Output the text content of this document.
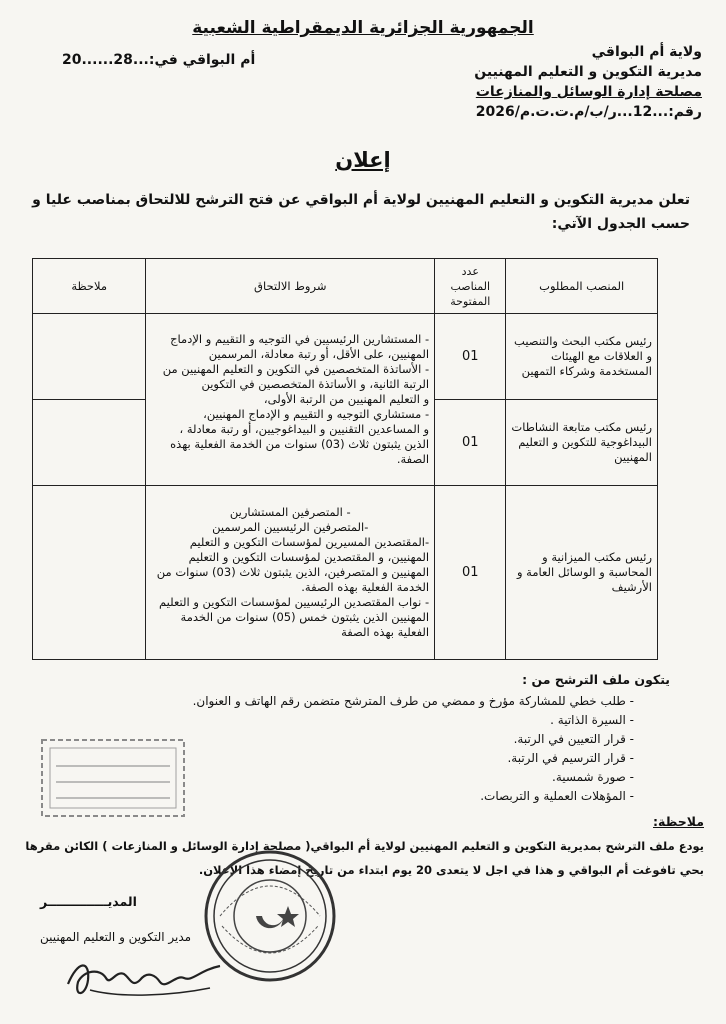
الجمهورية الجزائرية الديمقراطية الشعبية
ولاية أم البواقي
مديرية التكوين و التعليم المهنيين
مصلحة إدارة الوسائل والمنازعات
رقم:...12...ر/ب/م.ت.ت.م/2026
أم البواقي في:...28......20
إعلان
تعلن مديرية التكوين و التعليم المهنيين لولاية أم البواقي عن فتح الترشح للالتحاق بمناصب عليا و حسب الجدول الآتي:
المنصب المطلوب	عدد المناصب المفتوحة	شروط الالتحاق	ملاحظة
رئيس مكتب البحث والتنصيب و العلاقات مع الهيئات المستخدمة وشركاء التمهين	01	- المستشارين الرئيسيين في التوجيه و التقييم و الإدماج المهنيين، على الأقل، أو رتبة معادلة، المرسمين
- الأساتذة المتخصصين في التكوين و التعليم المهنيين من الرتبة الثانية، و الأساتذة المتخصصين في التكوين
و التعليم المهنيين من الرتبة الأولى،
- مستشاري التوجيه و التقييم و الإدماج المهنيين،
و المساعدين التقنيين و البيداغوجيين، أو رتبة معادلة ، الذين يثبتون ثلاث (03) سنوات من الخدمة الفعلية بهذه الصفة.	

رئيس مكتب متابعة النشاطات البيداغوجية للتكوين و التعليم المهنيين	01		
رئيس مكتب الميزانية و المحاسبة و الوسائل العامة و الأرشيف	01	- المتصرفين المستشارين
-المتصرفين الرئيسيين المرسمين
-المقتصدين المسيرين لمؤسسات التكوين و التعليم المهنيين، و المقتصدين لمؤسسات التكوين و التعليم المهنيين و المتصرفين، الذين يثبتون ثلاث (03) سنوات من الخدمة الفعلية بهذه الصفة.
- نواب المقتصدين الرئيسيين لمؤسسات التكوين و التعليم المهنيين الذين يثبتون خمس (05) سنوات من الخدمة الفعلية بهذه الصفة	

يتكون ملف الترشح من :
- طلب خطي للمشاركة مؤرخ و ممضي من طرف المترشح متضمن رقم الهاتف و العنوان.
- السيرة الذاتية .
- قرار التعيين في الرتبة.
- قرار الترسيم في الرتبة.
- صورة شمسية.
- المؤهلات العملية و التربصات.
ملاحظة:
يودع ملف الترشح بمديرية التكوين و التعليم المهنيين لولاية أم البواقي( مصلحة إدارة الوسائل و المنازعات ) الكائن مقرها بحي تافوغت أم البواقي و هذا في اجل لا يتعدى 20 يوم ابتداء من تاريخ إمضاء هذا الإعلان.
المديــــــــــــــر
مدير التكوين و التعليم المهنيين
